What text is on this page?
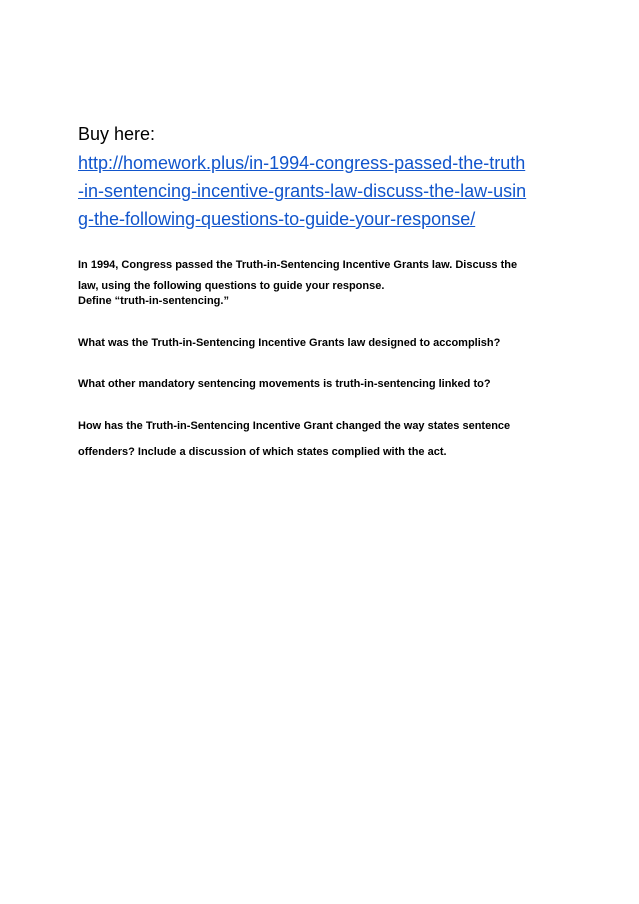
Buy here:
http://homework.plus/in-1994-congress-passed-the-truth
-in-sentencing-incentive-grants-law-discuss-the-law-usin
g-the-following-questions-to-guide-your-response/
In 1994, Congress passed the Truth-in-Sentencing Incentive Grants law. Discuss the
law, using the following questions to guide your response.
Define “truth-in-sentencing.”
What was the Truth-in-Sentencing Incentive Grants law designed to accomplish?
What other mandatory sentencing movements is truth-in-sentencing linked to?
How has the Truth-in-Sentencing Incentive Grant changed the way states sentence
offenders? Include a discussion of which states complied with the act.
